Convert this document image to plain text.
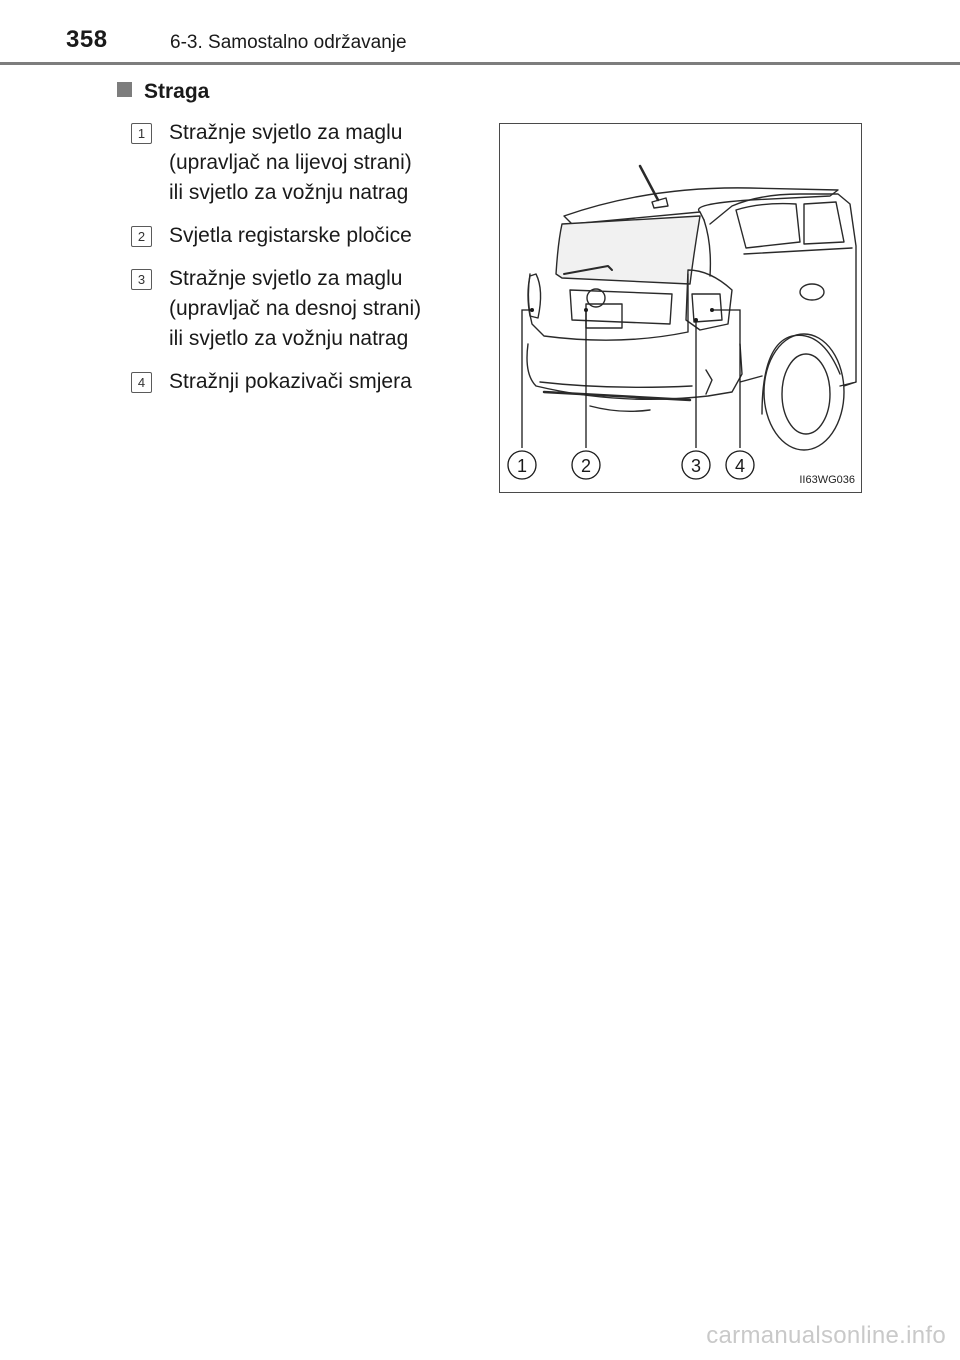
358	6-3. Samostalno održavanje
Straga
1	Stražnje svjetlo za maglu
(upravljač na lijevoj strani)
ili svjetlo za vožnju natrag
2	Svjetla registarske pločice
3	Stražnje svjetlo za maglu
(upravljač na desnoj strani)
ili svjetlo za vožnju natrag
4	Stražnji pokazivači smjera
1	2	3 4
II63WG036
carmanualsonline.info
